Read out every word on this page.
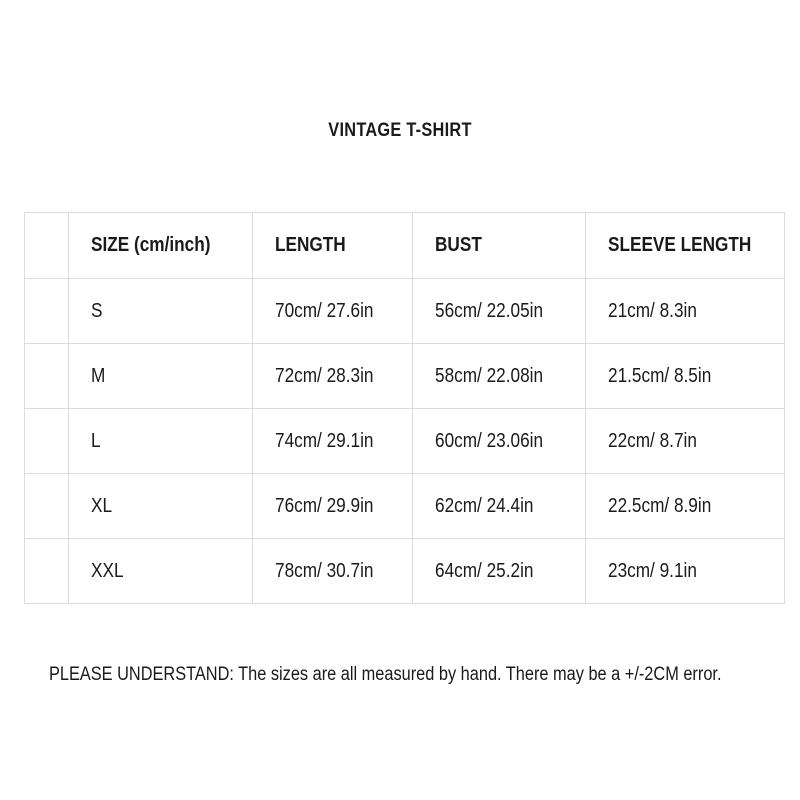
VINTAGE T-SHIRT
	SIZE (cm/inch)	LENGTH	BUST	SLEEVE LENGTH
	S	70cm/ 27.6in	56cm/ 22.05in	21cm/ 8.3in
	M	72cm/ 28.3in	58cm/ 22.08in	21.5cm/ 8.5in
	L	74cm/ 29.1in	60cm/ 23.06in	22cm/ 8.7in
	XL	76cm/ 29.9in	62cm/ 24.4in	22.5cm/ 8.9in
	XXL	78cm/ 30.7in	64cm/ 25.2in	23cm/ 9.1in
PLEASE UNDERSTAND: The sizes are all measured by hand. There may be a +/-2CM error.
